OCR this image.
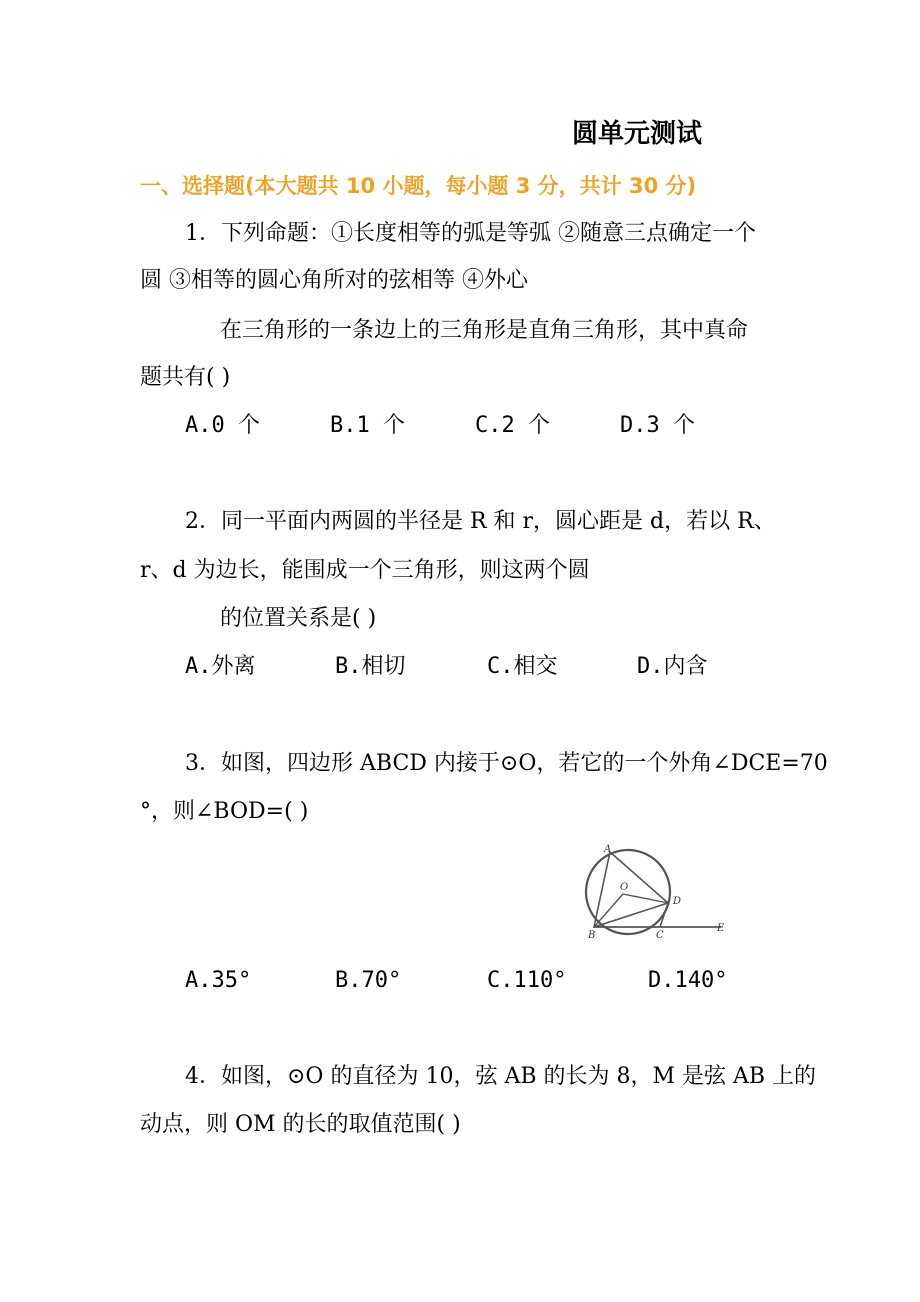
圆单元测试
一、选择题(本大题共 10 小题，每小题 3 分，共计 30 分)
1．下列命题：①长度相等的弧是等弧 ②随意三点确定一个
圆 ③相等的圆心角所对的弦相等 ④外心
在三角形的一条边上的三角形是直角三角形，其中真命
题共有( )
A.0 个	B.1 个	C.2 个	D.3 个
2．同一平面内两圆的半径是 R 和 r，圆心距是 d，若以 R、
r、d 为边长，能围成一个三角形，则这两个圆
的位置关系是( )
A.外离	B.相切	C.相交	D.内含
3．如图，四边形 ABCD 内接于⊙O，若它的一个外角∠DCE=70
°，则∠BOD=( )
A
O
D
B	C
E
A.35°	B.70°	C.110°	D.140°
4．如图，⊙O 的直径为 10，弦 AB 的长为 8，M 是弦 AB 上的
动点，则 OM 的长的取值范围( )
